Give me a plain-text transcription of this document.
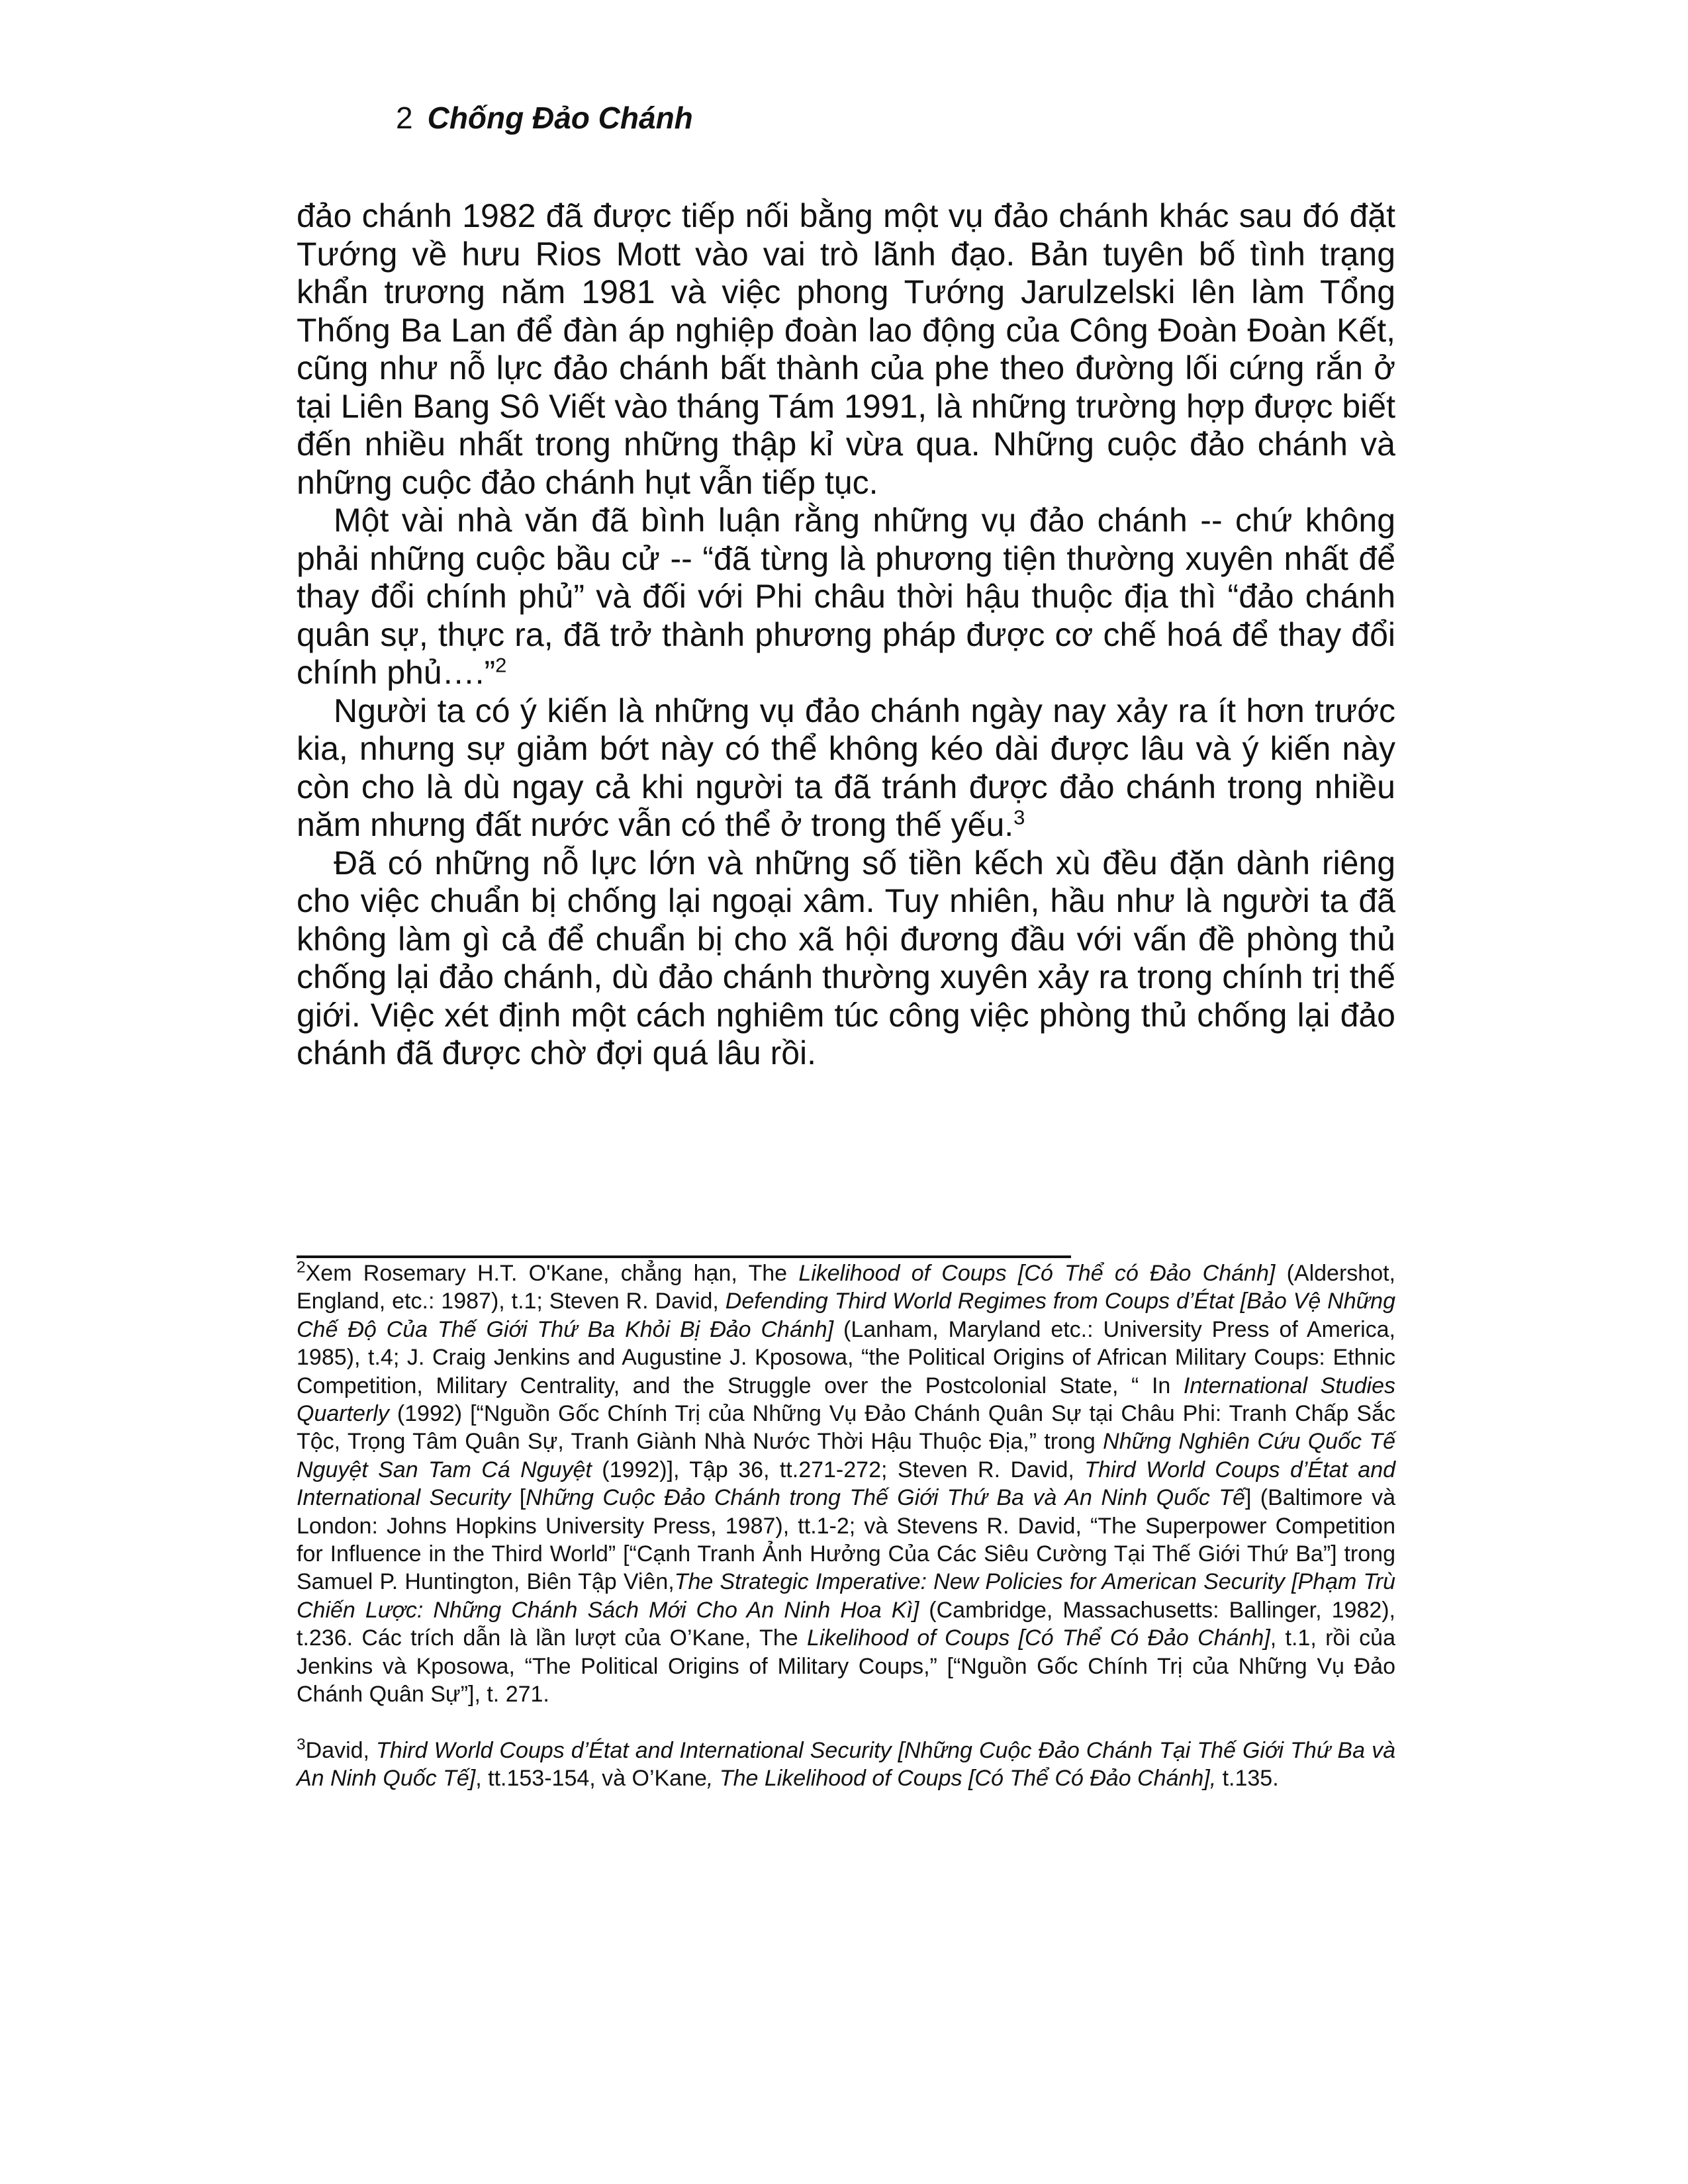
2 Chống Đảo Chánh

đảo chánh 1982 đã được tiếp nối bằng một vụ đảo chánh khác sau đó đặt Tướng về hưu Rios Mott vào vai trò lãnh đạo. Bản tuyên bố tình trạng khẩn trương năm 1981 và việc phong Tướng Jarulzelski lên làm Tổng Thống Ba Lan để đàn áp nghiệp đoàn lao động của Công Đoàn Đoàn Kết, cũng như nỗ lực đảo chánh bất thành của phe theo đường lối cứng rắn ở tại Liên Bang Sô Viết vào tháng Tám 1991, là những trường hợp được biết đến nhiều nhất trong những thập kỉ vừa qua. Những cuộc đảo chánh và những cuộc đảo chánh hụt vẫn tiếp tục.

Một vài nhà văn đã bình luận rằng những vụ đảo chánh -- chứ không phải những cuộc bầu cử -- “đã từng là phương tiện thường xuyên nhất để thay đổi chính phủ” và đối với Phi châu thời hậu thuộc địa thì “đảo chánh quân sự, thực ra, đã trở thành phương pháp được cơ chế hoá để thay đổi chính phủ….”$^2$

Người ta có ý kiến là những vụ đảo chánh ngày nay xảy ra ít hơn trước kia, nhưng sự giảm bớt này có thể không kéo dài được lâu và ý kiến này còn cho là dù ngay cả khi người ta đã tránh được đảo chánh trong nhiều năm nhưng đất nước vẫn có thể ở trong thế yếu.$^3$

Đã có những nỗ lực lớn và những số tiền kếch xù đều đặn dành riêng cho việc chuẩn bị chống lại ngoại xâm. Tuy nhiên, hầu như là người ta đã không làm gì cả để chuẩn bị cho xã hội đương đầu với vấn đề phòng thủ chống lại đảo chánh, dù đảo chánh thường xuyên xảy ra trong chính trị thế giới. Việc xét định một cách nghiêm túc công việc phòng thủ chống lại đảo chánh đã được chờ đợi quá lâu rồi.

$^2$Xem Rosemary H.T. O'Kane, chẳng hạn, The Likelihood of Coups [Có Thể có Đảo Chánh] (Aldershot, England, etc.: 1987), t.1; Steven R. David, Defending Third World Regimes from Coups d’État [Bảo Vệ Những Chế Độ Của Thế Giới Thứ Ba Khỏi Bị Đảo Chánh] (Lanham, Maryland etc.: University Press of America, 1985), t.4; J. Craig Jenkins and Augustine J. Kposowa, “the Political Origins of African Military Coups: Ethnic Competition, Military Centrality, and the Struggle over the Postcolonial State, “ In International Studies Quarterly (1992) [“Nguồn Gốc Chính Trị của Những Vụ Đảo Chánh Quân Sự tại Châu Phi: Tranh Chấp Sắc Tộc, Trọng Tâm Quân Sự, Tranh Giành Nhà Nước Thời Hậu Thuộc Địa,” trong Những Nghiên Cứu Quốc Tế Nguyệt San Tam Cá Nguyệt (1992)], Tập 36, tt.271-272; Steven R. David, Third World Coups d’État and International Security [Những Cuộc Đảo Chánh trong Thế Giới Thứ Ba và An Ninh Quốc Tế] (Baltimore và London: Johns Hopkins University Press, 1987), tt.1-2; và Stevens R. David, “The Superpower Competition for Influence in the Third World” [“Cạnh Tranh Ảnh Hưởng Của Các Siêu Cường Tại Thế Giới Thứ Ba”] trong Samuel P. Huntington, Biên Tập Viên,The Strategic Imperative: New Policies for American Security [Phạm Trù Chiến Lược: Những Chánh Sách Mới Cho An Ninh Hoa Kì] (Cambridge, Massachusetts: Ballinger, 1982), t.236. Các trích dẫn là lần lượt của O’Kane, The Likelihood of Coups [Có Thể Có Đảo Chánh], t.1, rồi của Jenkins và Kposowa, “The Political Origins of Military Coups,” [“Nguồn Gốc Chính Trị của Những Vụ Đảo Chánh Quân Sự”], t. 271.

$^3$David, Third World Coups d’État and International Security [Những Cuộc Đảo Chánh Tại Thế Giới Thứ Ba và An Ninh Quốc Tế], tt.153-154, và O’Kane, The Likelihood of Coups [Có Thể Có Đảo Chánh], t.135.
